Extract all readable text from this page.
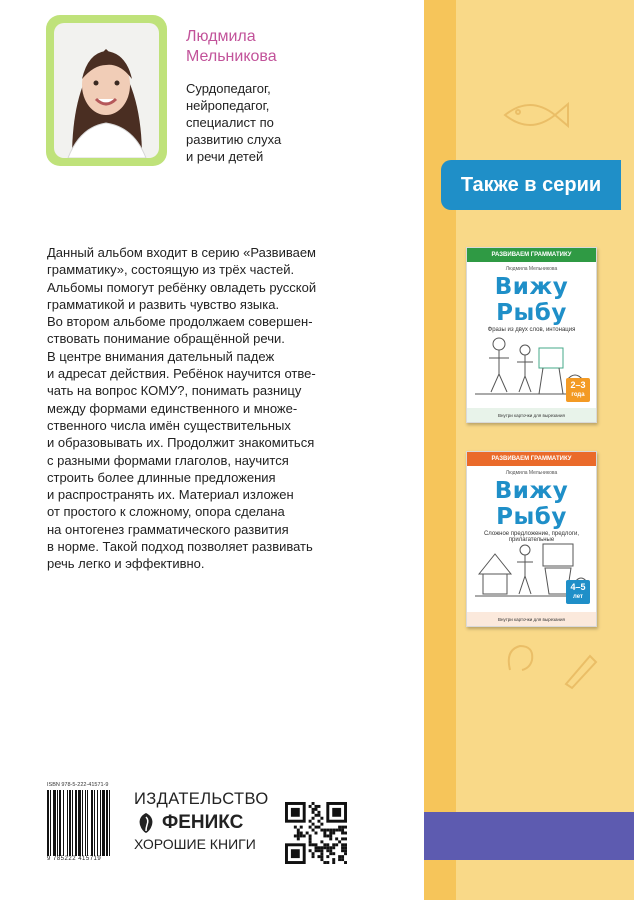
Также в серии
РАЗВИВАЕМ ГРАММАТИКУ
Людмила Мельникова
Вижу Рыбу
Фразы из двух слов, интонация
2–3
года
Внутри карточки для вырезания
РАЗВИВАЕМ ГРАММАТИКУ
Людмила Мельникова
Вижу Рыбу
Сложное предложение, предлоги, прилагательные
4–5
лет
Внутри карточки для вырезания
Людмила
Мельникова
Сурдопедагог,
нейропедагог,
специалист по
развитию слуха
и речи детей

Данный альбом входит в серию «Развиваем

грамматику», состоящую из трёх частей.

Альбомы помогут ребёнку овладеть русской

грамматикой и развить чувство языка.

Во втором альбоме продолжаем совершен-

ствовать понимание обращённой речи.

В центре внимания дательный падеж

и адресат действия. Ребёнок научится отве-

чать на вопрос КОМУ?, понимать разницу

между формами единственного и множе-

ственного числа имён существительных

и образовывать их. Продолжит знакомиться

с разными формами глаголов, научится

строить более длинные предложения

и распространять их. Материал изложен

от простого к сложному, опора сделана

на онтогенез грамматического развития

в норме. Такой подход позволяет развивать

речь легко и эффективно.

ISBN 978-5-222-41571-9
9 785222 415719
ИЗДАТЕЛЬСТВО
ФЕНИКС
ХОРОШИЕ КНИГИ
